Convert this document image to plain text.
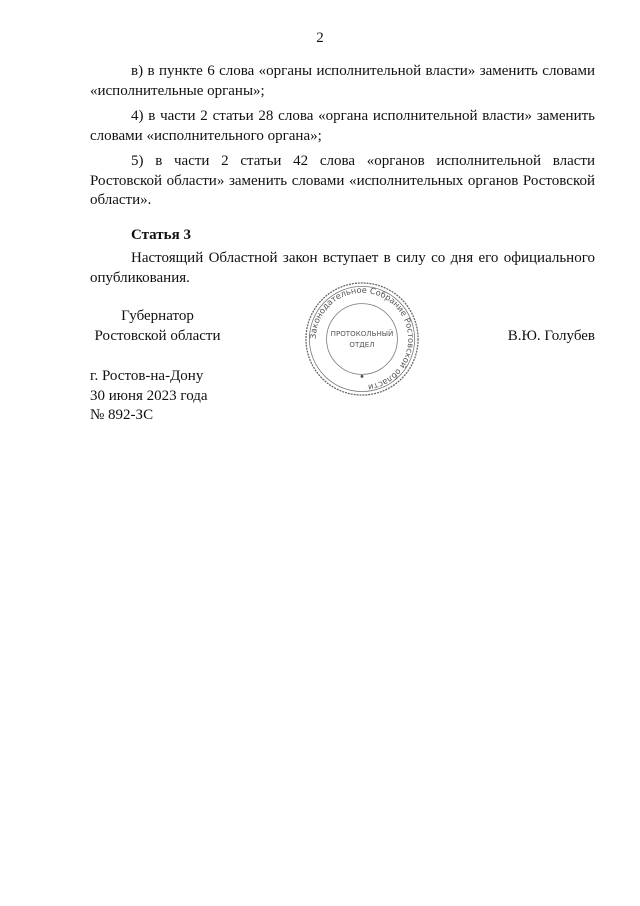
2

в) в пункте 6 слова «органы исполнительной власти» заменить словами «исполнительные органы»;

4) в части 2 статьи 28 слова «органа исполнительной власти» заменить словами «исполнительного органа»;

5) в части 2 статьи 42 слова «органов исполнительной власти Ростовской области» заменить словами «исполнительных органов Ростовской области».

Статья 3

Настоящий Областной закон вступает в силу со дня его официального опубликования.

Губернатор
Ростовской области	Законодательное Собрание Ростовской области
ПРОТОКОЛЬНЫЙ
ОТДЕЛ
В.Ю. Голубев
г. Ростов-на-Дону
30 июня 2023 года
№ 892-ЗС
